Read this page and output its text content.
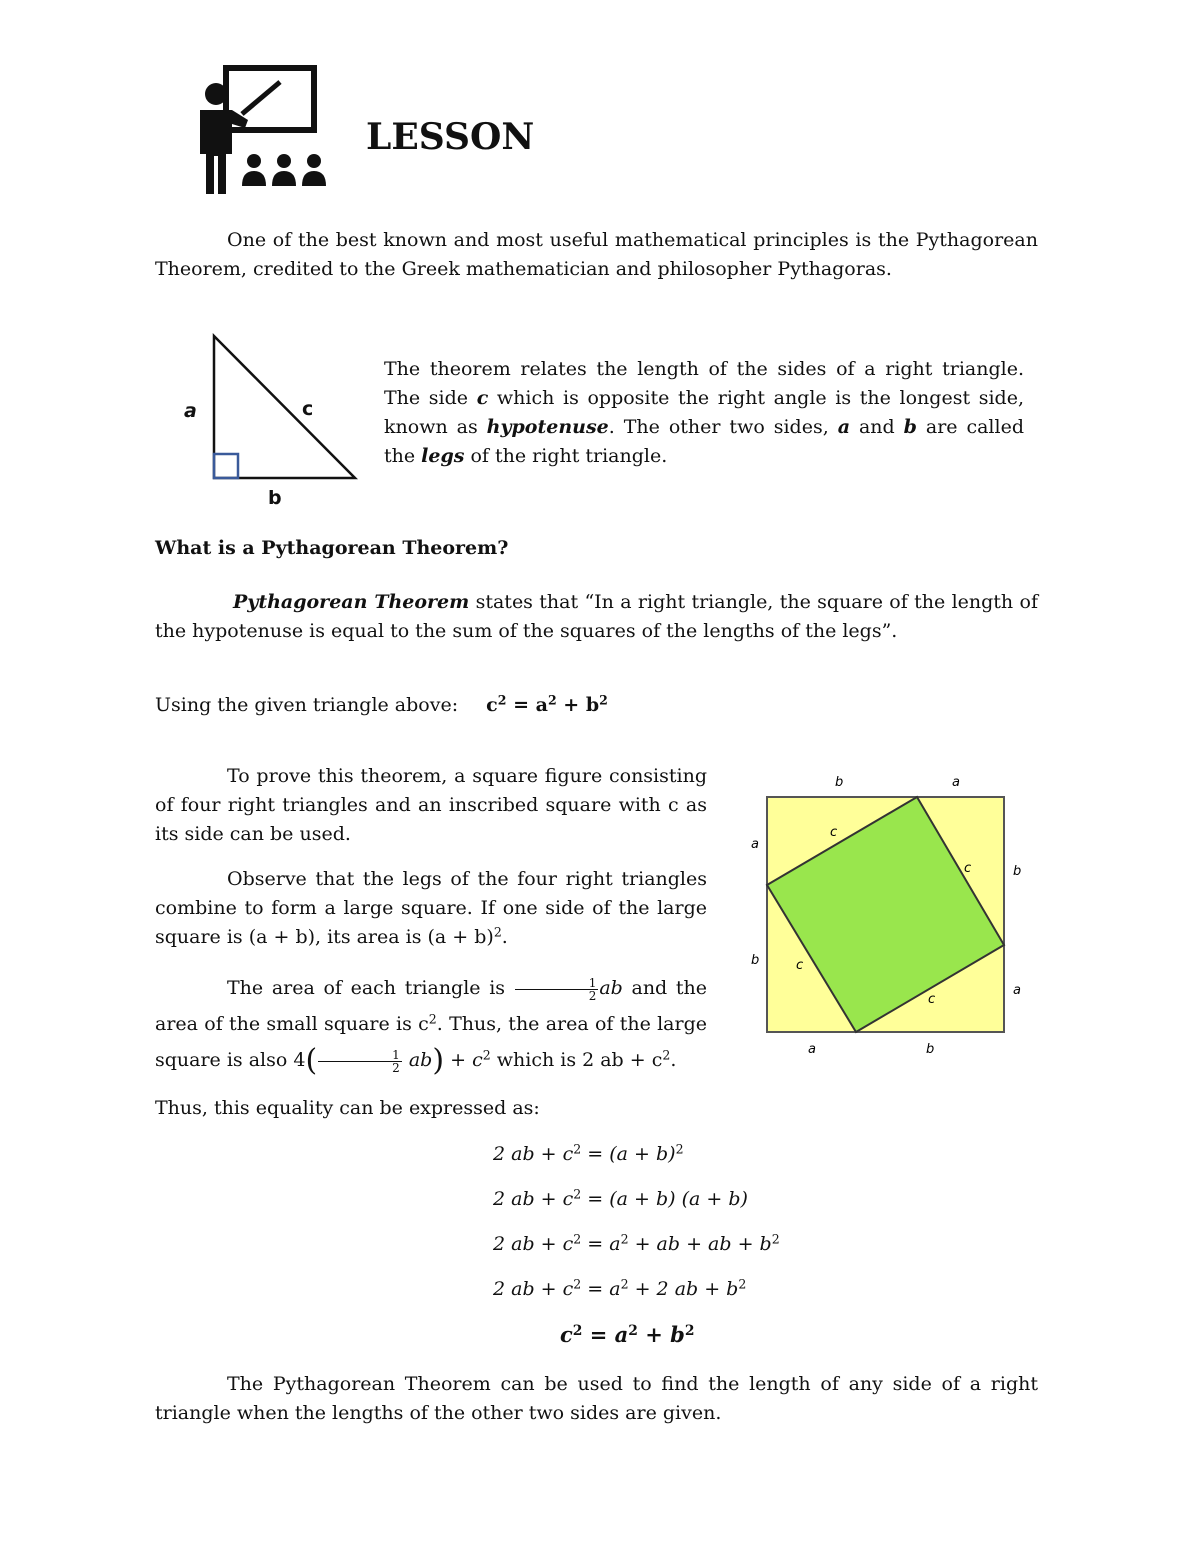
LESSON
One of the best known and most useful mathematical principles is the Pythagorean Theorem, credited to the Greek mathematician and philosopher Pythagoras.
a	c
b
The theorem relates the length of the sides of a right triangle. The side c which is opposite the right angle is the longest side, known as hypotenuse. The other two sides, a and b are called the legs of the right triangle.
What is a Pythagorean Theorem?
Pythagorean Theorem states that “In a right triangle, the square of the length of the hypotenuse is equal to the sum of the squares of the lengths of the legs”.
Using the given triangle above: $c^2 = a^2 + b^2$
To prove this theorem, a square figure consisting of four right triangles and an inscribed square with c as its side can be used.
Observe that the legs of the four right triangles combine to form a large square. If one side of the large square is (a + b), its area is $(a + b)^2$.
The area of each triangle is $\frac{1}{2}$ ab and the area of the small square is $c^2$. Thus, the area of the large square is also $4( \frac{1}{2} ab) + c^2$ which is 2 ab + $c^2$.
b	a
a
b
b
a
a	b
c
c
c
c
Thus, this equality can be expressed as:
2 ab + $c^2 = (a + b)^2$
2 ab + $c^2 = (a + b) (a + b)$
2 ab + $c^2 = a^2$ + ab + ab + $b^2$
2 ab + $c^2 = a^2 + 2$ ab + $b^2$
$c^2 = a^2 + b^2$
The Pythagorean Theorem can be used to find the length of any side of a right triangle when the lengths of the other two sides are given.
